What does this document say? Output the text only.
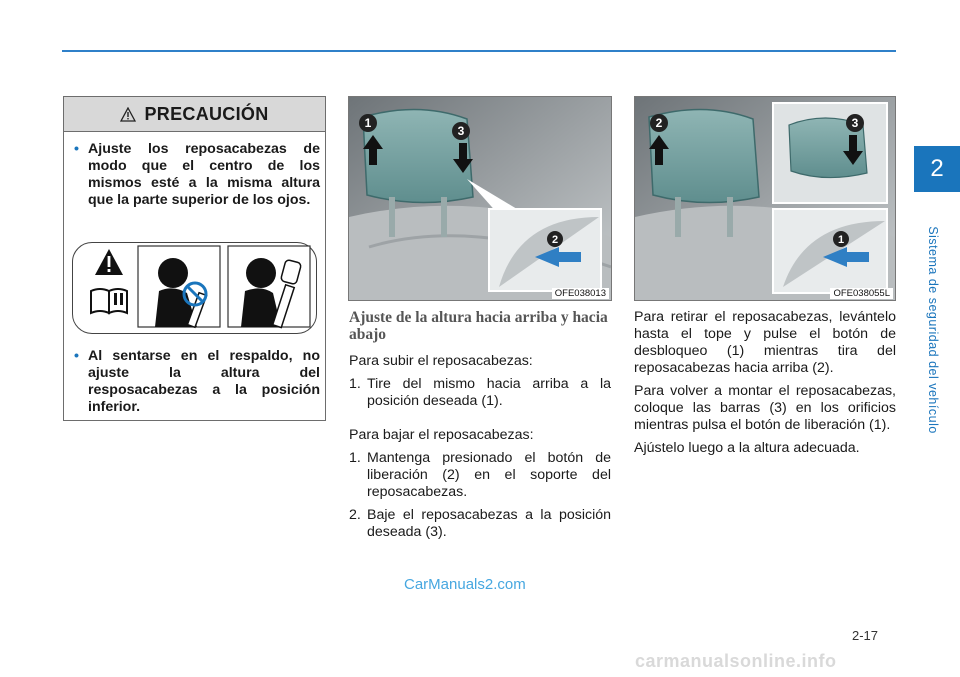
2
Sistema de seguridad del vehículo
PRECAUCIÓN
• Ajuste los reposacabezas de modo que el centro de los mismos esté a la misma altura que la parte superior de los ojos.
• Al sentarse en el respaldo, no ajuste la altura del resposacabezas a la posición inferior.
1
3
2
OFE038013
2	3
1
OFE038055L
Ajuste de la altura hacia arriba y hacia abajo

Para subir el reposacabezas:

1. Tire del mismo hacia arriba a la posición deseada (1).

Para bajar el reposacabezas:

1. Mantenga presionado el botón de liberación (2) en el soporte del reposacabezas.
2. Baje el reposacabezas a la posición deseada (3).

Para retirar el reposacabezas, levántelo hasta el tope y pulse el botón de desbloqueo (1) mientras tira del reposacabezas hacia arriba (2).

Para volver a montar el reposacabezas, coloque las barras (3) en los orificios mientras pulsa el botón de liberación (1).

Ajústelo luego a la altura adecuada.

CarManuals2.com
2-17
carmanualsonline.info
